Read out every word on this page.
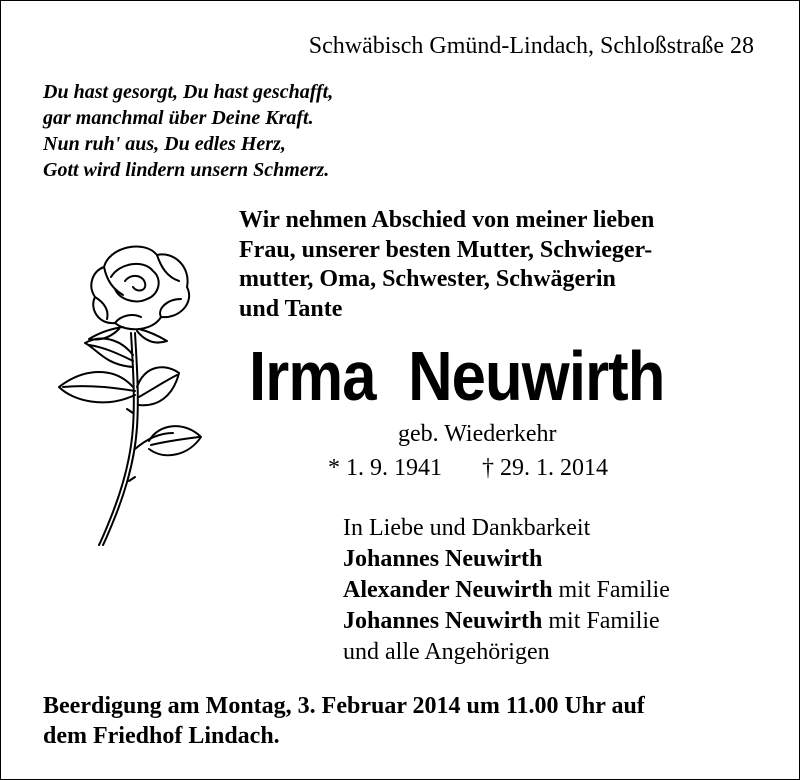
Schwäbisch Gmünd-Lindach, Schloßstraße 28
Du hast gesorgt, Du hast geschafft,
gar manchmal über Deine Kraft.
Nun ruh' aus, Du edles Herz,
Gott wird lindern unsern Schmerz.
Wir nehmen Abschied von meiner lieben
Frau, unserer besten Mutter, Schwieger-
mutter, Oma, Schwester, Schwägerin
und Tante
Irma  Neuwirth
geb. Wiederkehr
* 1. 9. 1941 † 29. 1. 2014
In Liebe und Dankbarkeit
Johannes Neuwirth
Alexander Neuwirth mit Familie
Johannes Neuwirth mit Familie
und alle Angehörigen
Beerdigung am Montag, 3. Februar 2014 um 11.00 Uhr auf
dem Friedhof Lindach.
